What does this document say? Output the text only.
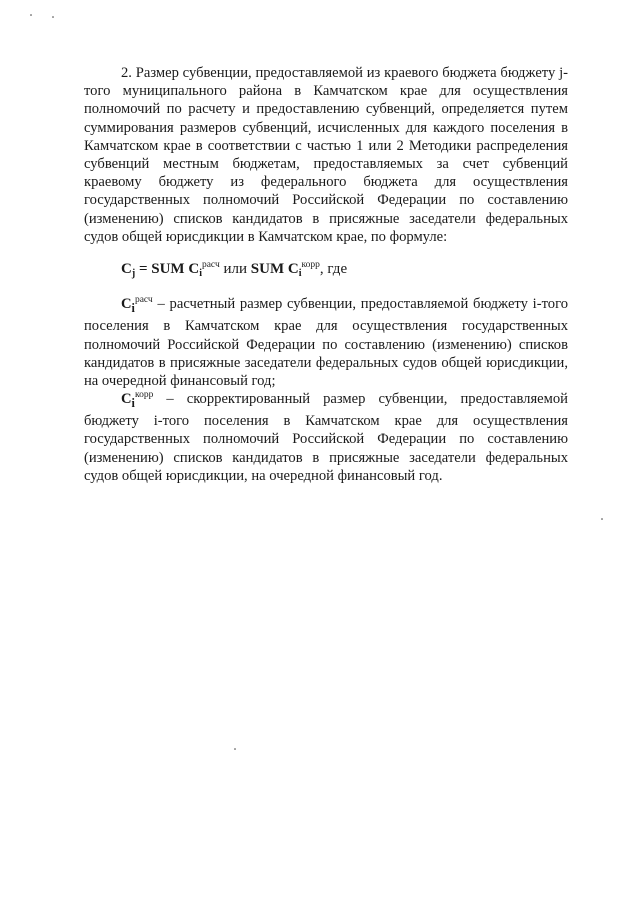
2. Размер субвенции, предоставляемой из краевого бюджета бюджету j-того муниципального района в Камчатском крае для осуществления полномочий по расчету и предоставлению субвенций, определяется путем суммирования размеров субвенций, исчисленных для каждого поселения в Камчатском крае в соответствии с частью 1 или 2 Методики распределения субвенций местным бюджетам, предоставляемых за счет субвенций краевому бюджету из федерального бюджета для осуществления государственных полномочий Российской Федерации по составлению (изменению) списков кандидатов в присяжные заседатели федеральных судов общей юрисдикции в Камчатском крае, по формуле:

$C_j$ = SUM $C_i^{расч}$ или SUM $C_i^{корр}$, где

$C_i^{расч}$ – расчетный размер субвенции, предоставляемой бюджету i-того поселения в Камчатском крае для осуществления государственных полномочий Российской Федерации по составлению (изменению) списков кандидатов в присяжные заседатели федеральных судов общей юрисдикции, на очередной финансовый год;

$C_i^{корр}$ – скорректированный размер субвенции, предоставляемой бюджету i-того поселения в Камчатском крае для осуществления государственных полномочий Российской Федерации по составлению (изменению) списков кандидатов в присяжные заседатели федеральных судов общей юрисдикции, на очередной финансовый год.
